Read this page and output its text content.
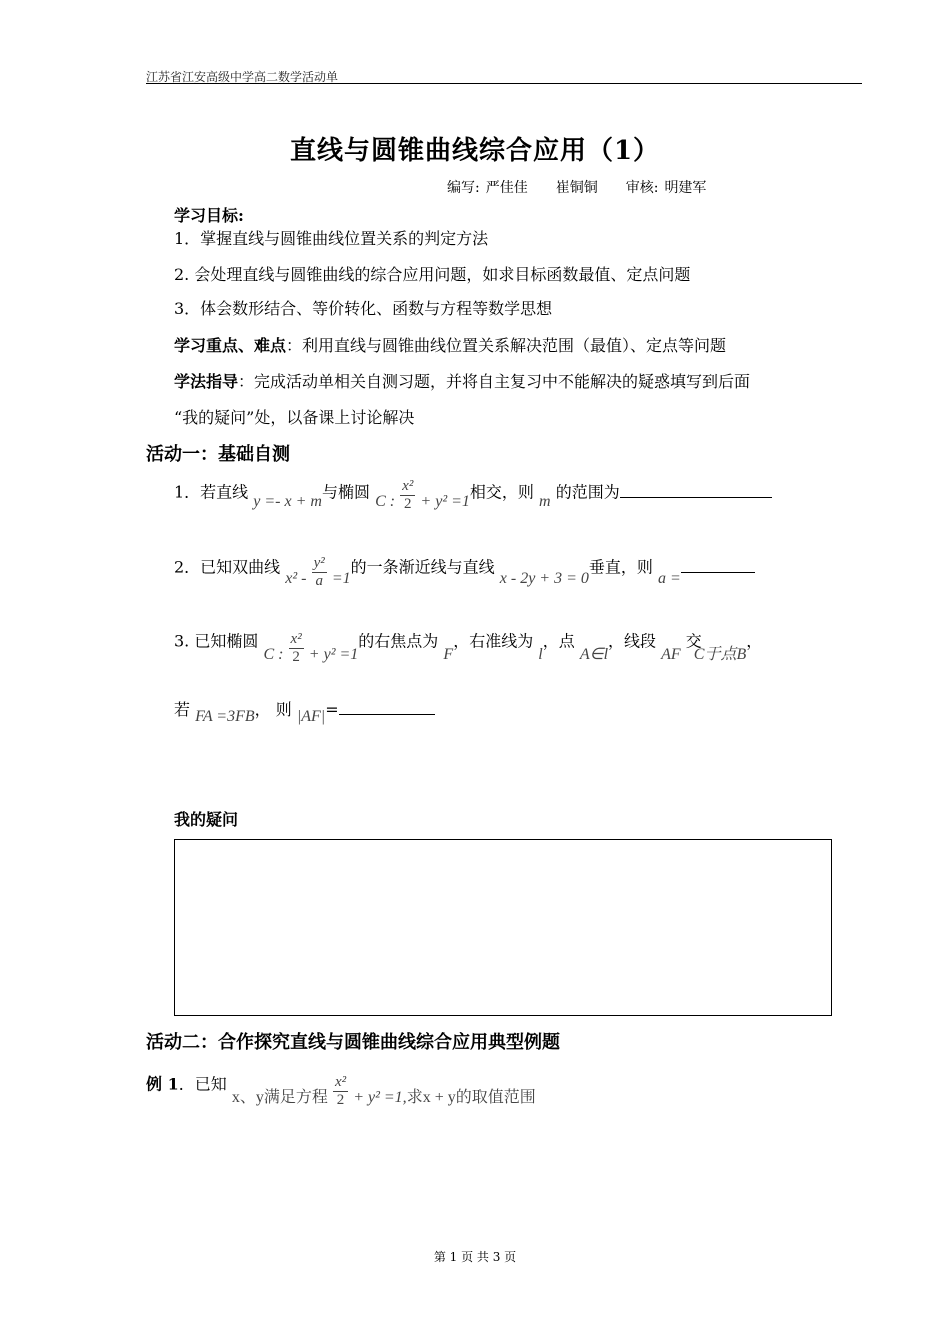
江苏省江安高级中学高二数学活动单
直线与圆锥曲线综合应用（1）
编写: 严佳佳 崔铜铜 审核: 明建军
学习目标:
1．掌握直线与圆锥曲线位置关系的判定方法
2. 会处理直线与圆锥曲线的综合应用问题，如求目标函数最值、定点问题
3．体会数形结合、等价转化、函数与方程等数学思想
学习重点、难点：利用直线与圆锥曲线位置关系解决范围（最值）、定点等问题
学法指导：完成活动单相关自测习题，并将自主复习中不能解决的疑惑填写到后面
“我的疑问”处，以备课上讨论解决
活动一：基础自测
1．若直线 y =- x + m与椭圆 C : $\frac{\text{x²}}{2} + y^2 =1$相交，则 m 的范围为
2．已知双曲线 $x^2 - \frac{\text{y²}}{a} =1$的一条渐近线与直线 x - 2y + 3 = 0垂直，则 a =
3. 已知椭圆 C : $\frac{\text{x²}}{2} + y^2 =1$的右焦点为 F，右准线为 l，点 A∈l，线段 AF 交C于点B，
若 FA =3FB， 则 |AF|=
我的疑问
活动二：合作探究直线与圆锥曲线综合应用典型例题
例 1．已知 x、y满足方程 $\frac{\text{x²}}{2} + y^2 =1$,求x + y的取值范围
第 1 页 共 3 页
